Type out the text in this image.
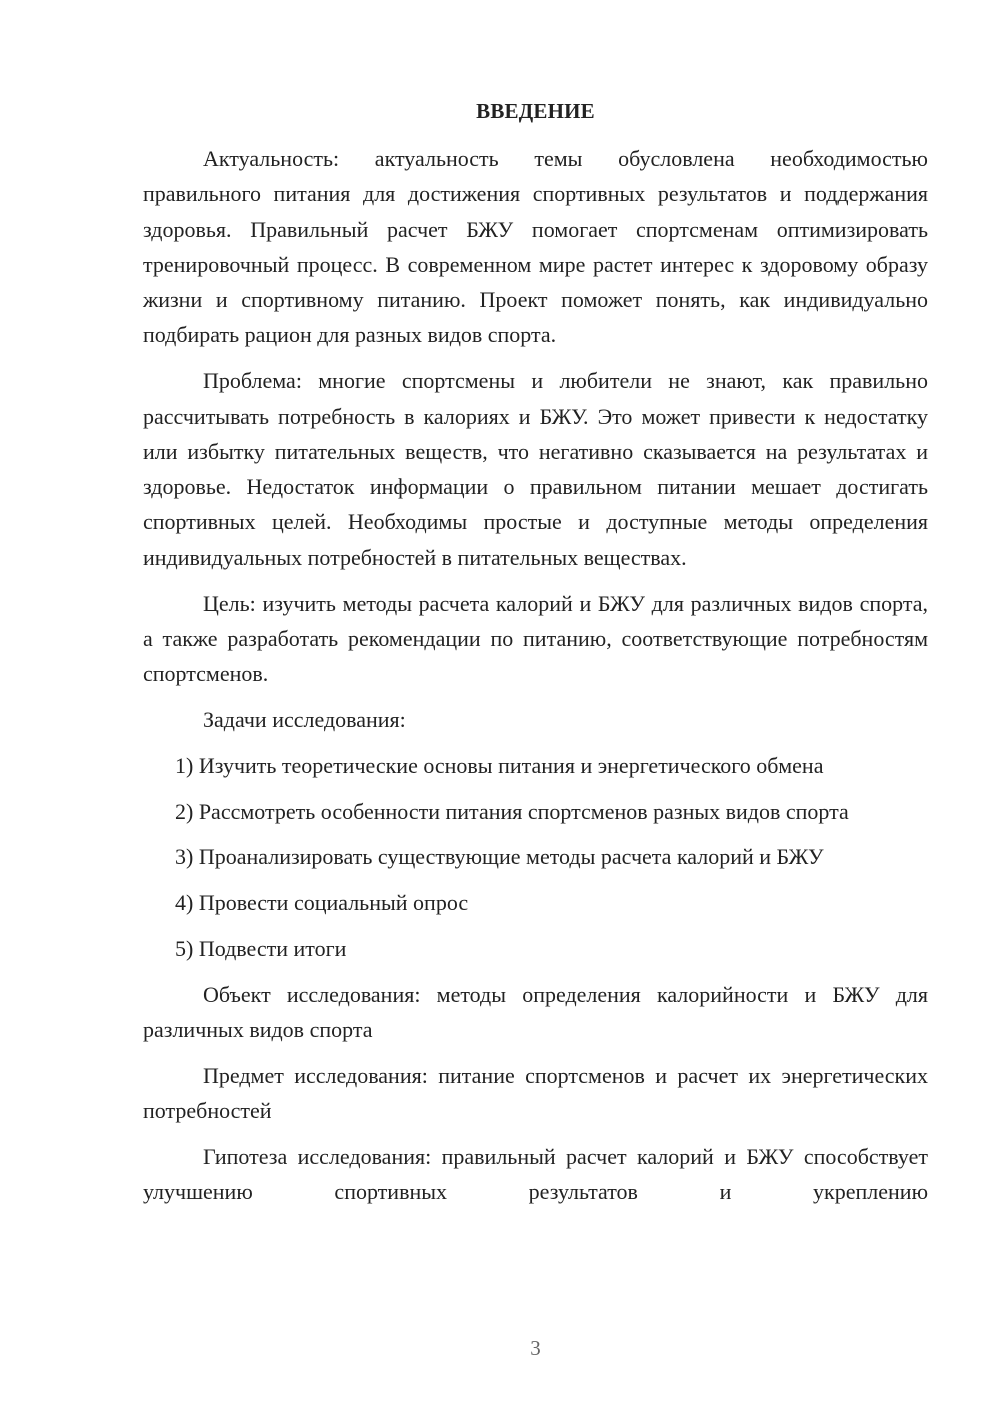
ВВЕДЕНИЕ

Актуальность: актуальность темы обусловлена необходимостью правильного питания для достижения спортивных результатов и поддержания здоровья. Правильный расчет БЖУ помогает спортсменам оптимизировать тренировочный процесс. В современном мире растет интерес к здоровому образу жизни и спортивному питанию. Проект поможет понять, как индивидуально подбирать рацион для разных видов спорта.

Проблема: многие спортсмены и любители не знают, как правильно рассчитывать потребность в калориях и БЖУ. Это может привести к недостатку или избытку питательных веществ, что негативно сказывается на результатах и здоровье. Недостаток информации о правильном питании мешает достигать спортивных целей. Необходимы простые и доступные методы определения индивидуальных потребностей в питательных веществах.

Цель: изучить методы расчета калорий и БЖУ для различных видов спорта, а также разработать рекомендации по питанию, соответствующие потребностям спортсменов.

Задачи исследования:

1) Изучить теоретические основы питания и энергетического обмена

2) Рассмотреть особенности питания спортсменов разных видов спорта

3) Проанализировать существующие методы расчета калорий и БЖУ

4) Провести социальный опрос

5) Подвести итоги

Объект исследования: методы определения калорийности и БЖУ для различных видов спорта

Предмет исследования: питание спортсменов и расчет их энергетических потребностей

Гипотеза исследования: правильный расчет калорий и БЖУ способствует улучшению спортивных результатов и укреплению

3
